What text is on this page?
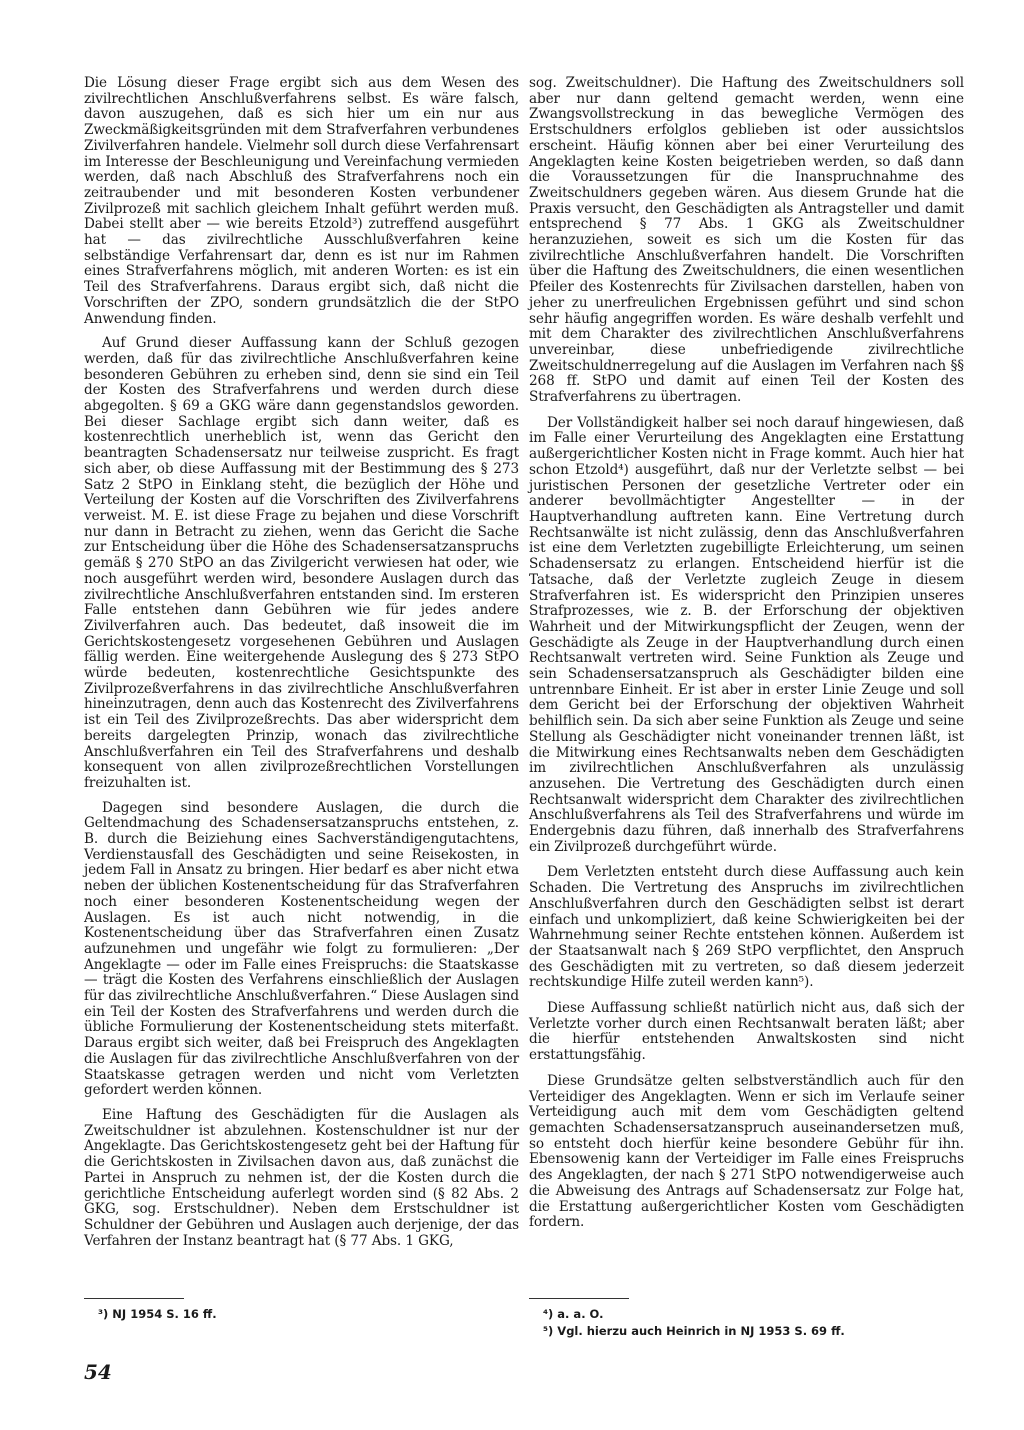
Die Lösung dieser Frage ergibt sich aus dem Wesen des zivilrechtlichen Anschlußverfahrens selbst. Es wäre falsch, davon auszugehen, daß es sich hier um ein nur aus Zweckmäßigkeitsgründen mit dem Strafverfahren verbundenes Zivilverfahren handele. Vielmehr soll durch diese Verfahrensart im Interesse der Beschleunigung und Vereinfachung vermieden werden, daß nach Abschluß des Strafverfahrens noch ein zeitraubender und mit besonderen Kosten verbundener Zivilprozeß mit sachlich gleichem Inhalt geführt werden muß. Dabei stellt aber — wie bereits Etzold³) zutreffend ausgeführt hat — das zivilrechtliche Ausschlußverfahren keine selbständige Verfahrensart dar, denn es ist nur im Rahmen eines Strafverfahrens möglich, mit anderen Worten: es ist ein Teil des Strafverfahrens. Daraus ergibt sich, daß nicht die Vorschriften der ZPO, sondern grundsätzlich die der StPO Anwendung finden.

Auf Grund dieser Auffassung kann der Schluß gezogen werden, daß für das zivilrechtliche Anschlußverfahren keine besonderen Gebühren zu erheben sind, denn sie sind ein Teil der Kosten des Strafverfahrens und werden durch diese abgegolten. § 69 a GKG wäre dann gegenstandslos geworden. Bei dieser Sachlage ergibt sich dann weiter, daß es kostenrechtlich unerheblich ist, wenn das Gericht den beantragten Schadensersatz nur teilweise zuspricht. Es fragt sich aber, ob diese Auffassung mit der Bestimmung des § 273 Satz 2 StPO in Einklang steht, die bezüglich der Höhe und Verteilung der Kosten auf die Vorschriften des Zivilverfahrens verweist. M. E. ist diese Frage zu bejahen und diese Vorschrift nur dann in Betracht zu ziehen, wenn das Gericht die Sache zur Entscheidung über die Höhe des Schadensersatzanspruchs gemäß § 270 StPO an das Zivilgericht verwiesen hat oder, wie noch ausgeführt werden wird, besondere Auslagen durch das zivilrechtliche Anschlußverfahren entstanden sind. Im ersteren Falle entstehen dann Gebühren wie für jedes andere Zivilverfahren auch. Das bedeutet, daß insoweit die im Gerichtskostengesetz vorgesehenen Gebühren und Auslagen fällig werden. Eine weitergehende Auslegung des § 273 StPO würde bedeuten, kostenrechtliche Gesichtspunkte des Zivilprozeßverfahrens in das zivilrechtliche Anschlußverfahren hineinzutragen, denn auch das Kostenrecht des Zivilverfahrens ist ein Teil des Zivilprozeßrechts. Das aber widerspricht dem bereits dargelegten Prinzip, wonach das zivilrechtliche Anschlußverfahren ein Teil des Strafverfahrens und deshalb konsequent von allen zivilprozeßrechtlichen Vorstellungen freizuhalten ist.

Dagegen sind besondere Auslagen, die durch die Geltendmachung des Schadensersatzanspruchs entstehen, z. B. durch die Beiziehung eines Sachverständigengutachtens, Verdienstausfall des Geschädigten und seine Reisekosten, in jedem Fall in Ansatz zu bringen. Hier bedarf es aber nicht etwa neben der üblichen Kostenentscheidung für das Strafverfahren noch einer besonderen Kostenentscheidung wegen der Auslagen. Es ist auch nicht notwendig, in die Kostenentscheidung über das Strafverfahren einen Zusatz aufzunehmen und ungefähr wie folgt zu formulieren: „Der Angeklagte — oder im Falle eines Freispruchs: die Staatskasse — trägt die Kosten des Verfahrens einschließlich der Auslagen für das zivilrechtliche Anschlußverfahren.“ Diese Auslagen sind ein Teil der Kosten des Strafverfahrens und werden durch die übliche Formulierung der Kostenentscheidung stets miterfaßt. Daraus ergibt sich weiter, daß bei Freispruch des Angeklagten die Auslagen für das zivilrechtliche Anschlußverfahren von der Staatskasse getragen werden und nicht vom Verletzten gefordert werden können.

Eine Haftung des Geschädigten für die Auslagen als Zweitschuldner ist abzulehnen. Kostenschuldner ist nur der Angeklagte. Das Gerichtskostengesetz geht bei der Haftung für die Gerichtskosten in Zivilsachen davon aus, daß zunächst die Partei in Anspruch zu nehmen ist, der die Kosten durch die gerichtliche Entscheidung auferlegt worden sind (§ 82 Abs. 2 GKG, sog. Erstschuldner). Neben dem Erstschuldner ist Schuldner der Gebühren und Auslagen auch derjenige, der das Verfahren der Instanz beantragt hat (§ 77 Abs. 1 GKG,

sog. Zweitschuldner). Die Haftung des Zweitschuldners soll aber nur dann geltend gemacht werden, wenn eine Zwangsvollstreckung in das bewegliche Vermögen des Erstschuldners erfolglos geblieben ist oder aussichtslos erscheint. Häufig können aber bei einer Verurteilung des Angeklagten keine Kosten beigetrieben werden, so daß dann die Voraussetzungen für die Inanspruchnahme des Zweitschuldners gegeben wären. Aus diesem Grunde hat die Praxis versucht, den Geschädigten als Antragsteller und damit entsprechend § 77 Abs. 1 GKG als Zweitschuldner heranzuziehen, soweit es sich um die Kosten für das zivilrechtliche Anschlußverfahren handelt. Die Vorschriften über die Haftung des Zweitschuldners, die einen wesentlichen Pfeiler des Kostenrechts für Zivilsachen darstellen, haben von jeher zu unerfreulichen Ergebnissen geführt und sind schon sehr häufig angegriffen worden. Es wäre deshalb verfehlt und mit dem Charakter des zivilrechtlichen Anschlußverfahrens unvereinbar, diese unbefriedigende zivilrechtliche Zweitschuldnerregelung auf die Auslagen im Verfahren nach §§ 268 ff. StPO und damit auf einen Teil der Kosten des Strafverfahrens zu übertragen.

Der Vollständigkeit halber sei noch darauf hingewiesen, daß im Falle einer Verurteilung des Angeklagten eine Erstattung außergerichtlicher Kosten nicht in Frage kommt. Auch hier hat schon Etzold⁴) ausgeführt, daß nur der Verletzte selbst — bei juristischen Personen der gesetzliche Vertreter oder ein anderer bevollmächtigter Angestellter — in der Hauptverhandlung auftreten kann. Eine Vertretung durch Rechtsanwälte ist nicht zulässig, denn das Anschlußverfahren ist eine dem Verletzten zugebilligte Erleichterung, um seinen Schadensersatz zu erlangen. Entscheidend hierfür ist die Tatsache, daß der Verletzte zugleich Zeuge in diesem Strafverfahren ist. Es widerspricht den Prinzipien unseres Strafprozesses, wie z. B. der Erforschung der objektiven Wahrheit und der Mitwirkungspflicht der Zeugen, wenn der Geschädigte als Zeuge in der Hauptverhandlung durch einen Rechtsanwalt vertreten wird. Seine Funktion als Zeuge und sein Schadensersatzanspruch als Geschädigter bilden eine untrennbare Einheit. Er ist aber in erster Linie Zeuge und soll dem Gericht bei der Erforschung der objektiven Wahrheit behilflich sein. Da sich aber seine Funktion als Zeuge und seine Stellung als Geschädigter nicht voneinander trennen läßt, ist die Mitwirkung eines Rechtsanwalts neben dem Geschädigten im zivilrechtlichen Anschlußverfahren als unzulässig anzusehen. Die Vertretung des Geschädigten durch einen Rechtsanwalt widerspricht dem Charakter des zivilrechtlichen Anschlußverfahrens als Teil des Strafverfahrens und würde im Endergebnis dazu führen, daß innerhalb des Strafverfahrens ein Zivilprozeß durchgeführt würde.

Dem Verletzten entsteht durch diese Auffassung auch kein Schaden. Die Vertretung des Anspruchs im zivilrechtlichen Anschlußverfahren durch den Geschädigten selbst ist derart einfach und unkompliziert, daß keine Schwierigkeiten bei der Wahrnehmung seiner Rechte entstehen können. Außerdem ist der Staatsanwalt nach § 269 StPO verpflichtet, den Anspruch des Geschädigten mit zu vertreten, so daß diesem jederzeit rechtskundige Hilfe zuteil werden kann⁵).

Diese Auffassung schließt natürlich nicht aus, daß sich der Verletzte vorher durch einen Rechtsanwalt beraten läßt; aber die hierfür entstehenden Anwaltskosten sind nicht erstattungsfähig.

Diese Grundsätze gelten selbstverständlich auch für den Verteidiger des Angeklagten. Wenn er sich im Verlaufe seiner Verteidigung auch mit dem vom Geschädigten geltend gemachten Schadensersatzanspruch auseinandersetzen muß, so entsteht doch hierfür keine besondere Gebühr für ihn. Ebensowenig kann der Verteidiger im Falle eines Freispruchs des Angeklagten, der nach § 271 StPO notwendigerweise auch die Abweisung des Antrags auf Schadensersatz zur Folge hat, die Erstattung außergerichtlicher Kosten vom Geschädigten fordern.

³) NJ 1954 S. 16 ff.	⁴) a. a. O.
⁵) Vgl. hierzu auch Heinrich in NJ 1953 S. 69 ff.
54
